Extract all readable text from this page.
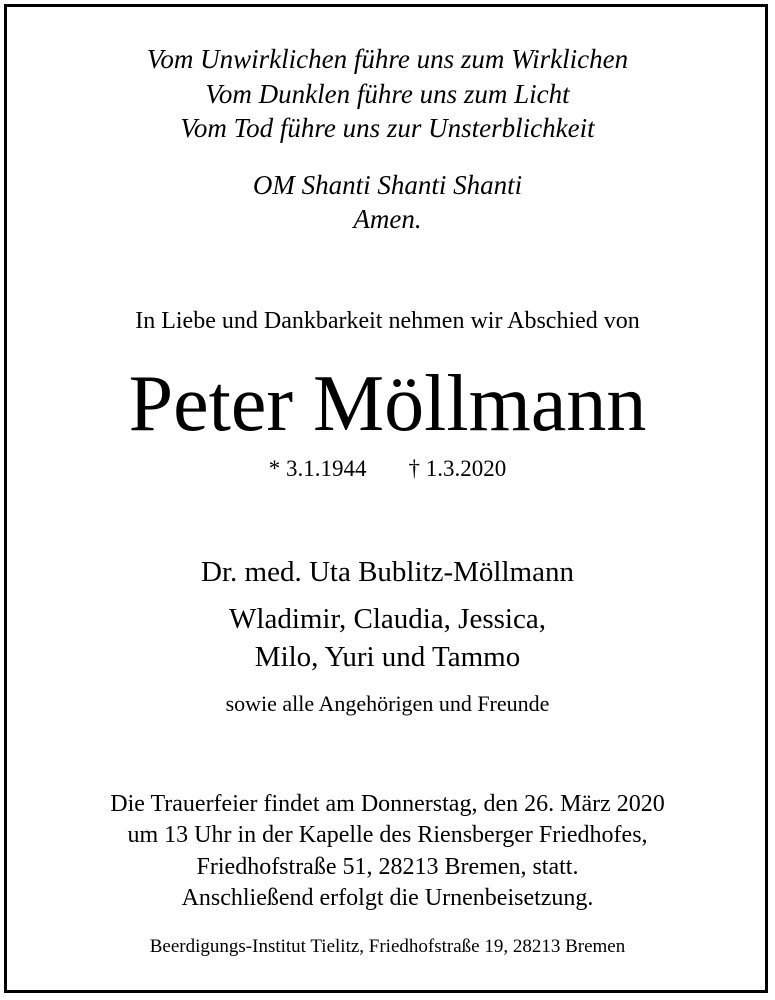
Vom Unwirklichen führe uns zum Wirklichen
Vom Dunklen führe uns zum Licht
Vom Tod führe uns zur Unsterblichkeit
OM Shanti Shanti Shanti
Amen.
In Liebe und Dankbarkeit nehmen wir Abschied von
Peter Möllmann
* 3.1.1944 † 1.3.2020
Dr. med. Uta Bublitz-Möllmann
Wladimir, Claudia, Jessica,
Milo, Yuri und Tammo
sowie alle Angehörigen und Freunde
Die Trauerfeier findet am Donnerstag, den 26. März 2020
um 13 Uhr in der Kapelle des Riensberger Friedhofes,
Friedhofstraße 51, 28213 Bremen, statt.
Anschließend erfolgt die Urnenbeisetzung.
Beerdigungs-Institut Tielitz, Friedhofstraße 19, 28213 Bremen
